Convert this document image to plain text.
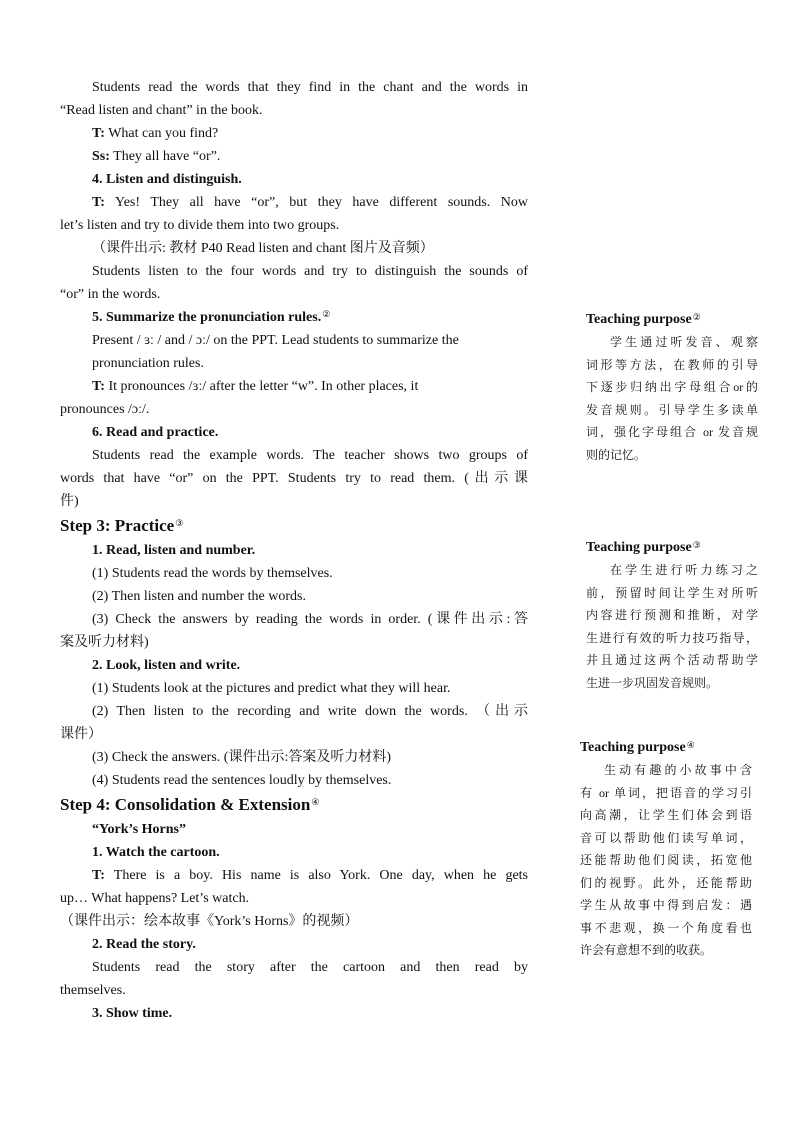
Students read the words that they find in the chant and the words in
“Read listen and chant” in the book.
T: What can you find?
Ss: They all have “or”.
4. Listen and distinguish.
T: Yes! They all have “or”, but they have different sounds. Now
let’s listen and try to divide them into two groups.
（课件出示: 教材 P40 Read listen and chant 图片及音频）
Students listen to the four words and try to distinguish the sounds of
“or” in the words.
5. Summarize the pronunciation rules.②
Present / ɜː / and / ɔː/ on the PPT. Lead students to summarize the
pronunciation rules.
T: It pronounces /ɜː/ after the letter “w”. In other places, it
pronounces /ɔː/.
6. Read and practice.
Students read the example words. The teacher shows two groups of
words that have “or” on the PPT. Students try to read them. (出示课
件)
Step 3: Practice③
1. Read, listen and number.
(1) Students read the words by themselves.
(2) Then listen and number the words.
(3) Check the answers by reading the words in order. (课件出示:答
案及听力材料)
2. Look, listen and write.
(1) Students look at the pictures and predict what they will hear.
(2) Then listen to the recording and write down the words. （出示
课件）
(3) Check the answers. (课件出示:答案及听力材料)
(4) Students read the sentences loudly by themselves.
Step 4: Consolidation & Extension④
“York’s Horns”
1. Watch the cartoon.
T: There is a boy. His name is also York. One day, when he gets
up… What happens? Let’s watch.
（课件出示：绘本故事《York’s Horns》的视频）
2. Read the story.
Students read the story after the cartoon and then read by
themselves.
3. Show time.
Teaching purpose②
学生通过听发音、观察
词形等方法，在教师的引导
下逐步归纳出字母组合or的
发音规则。引导学生多读单
词，强化字母组合 or 发音规
则的记忆。
Teaching purpose③
在学生进行听力练习之
前，预留时间让学生对所听
内容进行预测和推断，对学
生进行有效的听力技巧指导，
并且通过这两个活动帮助学
生进一步巩固发音规则。
Teaching purpose④
生动有趣的小故事中含
有 or 单词，把语音的学习引
向高潮，让学生们体会到语
音可以帮助他们读写单词，
还能帮助他们阅读，拓宽他
们的视野。此外，还能帮助
学生从故事中得到启发：遇
事不悲观，换一个角度看也
许会有意想不到的收获。
